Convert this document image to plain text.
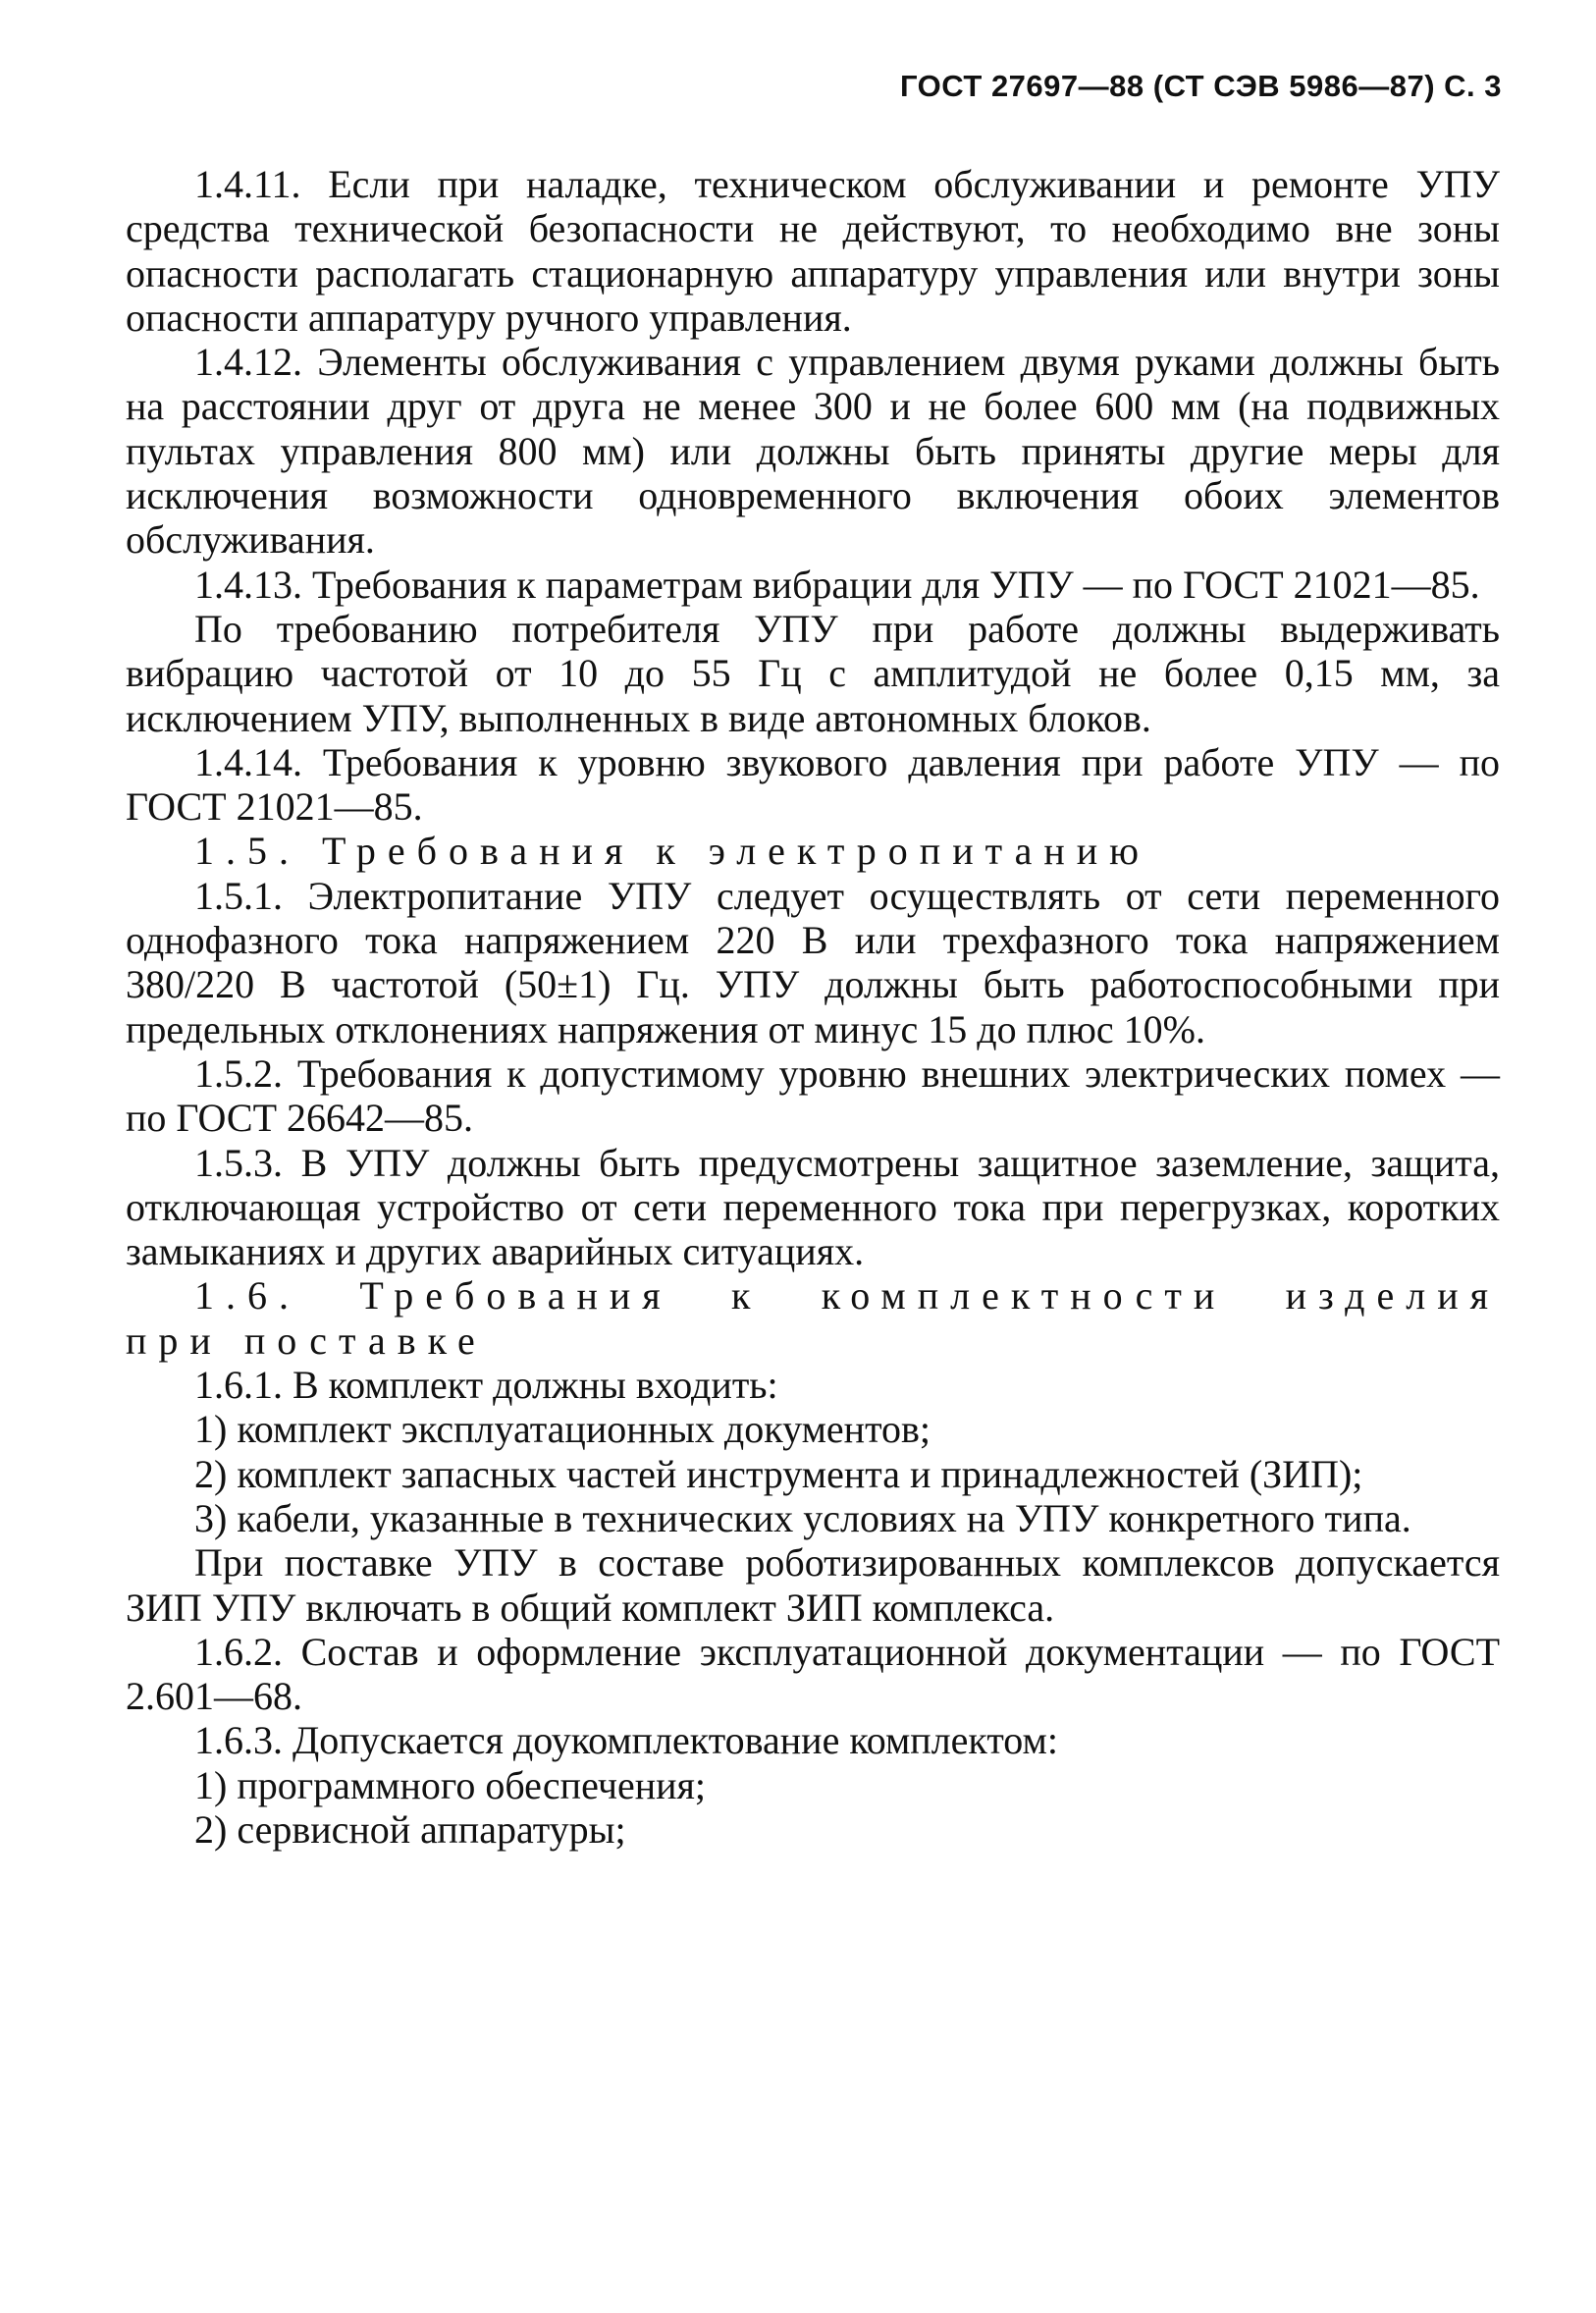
ГОСТ 27697—88 (СТ СЭВ 5986—87) С. 3

1.4.11. Если при наладке, техническом обслуживании и ремонте УПУ средства технической безопасности не действуют, то необходимо вне зоны опасности располагать стационарную аппаратуру управления или внутри зоны опасности аппаратуру ручного управления.

1.4.12. Элементы обслуживания с управлением двумя руками должны быть на расстоянии друг от друга не менее 300 и не более 600 мм (на подвижных пультах управления 800 мм) или должны быть приняты другие меры для исключения возможности одновременного включения обоих элементов обслуживания.

1.4.13. Требования к параметрам вибрации для УПУ — по ГОСТ 21021—85.

По требованию потребителя УПУ при работе должны выдерживать вибрацию частотой от 10 до 55 Гц с амплитудой не более 0,15 мм, за исключением УПУ, выполненных в виде автономных блоков.

1.4.14. Требования к уровню звукового давления при работе УПУ — по ГОСТ 21021—85.

1.5. Требования к электропитанию

1.5.1. Электропитание УПУ следует осуществлять от сети переменного однофазного тока напряжением 220 В или трехфазного тока напряжением 380/220 В частотой (50±1) Гц. УПУ должны быть работоспособными при предельных отклонениях напряжения от минус 15 до плюс 10%.

1.5.2. Требования к допустимому уровню внешних электрических помех — по ГОСТ 26642—85.

1.5.3. В УПУ должны быть предусмотрены защитное заземление, защита, отключающая устройство от сети переменного тока при перегрузках, коротких замыканиях и других аварийных ситуациях.

1.6. Требования к комплектности изделия

при поставке

1.6.1. В комплект должны входить:

1) комплект эксплуатационных документов;

2) комплект запасных частей инструмента и принадлежностей (ЗИП);

3) кабели, указанные в технических условиях на УПУ конкретного типа.

При поставке УПУ в составе роботизированных комплексов допускается ЗИП УПУ включать в общий комплект ЗИП комплекса.

1.6.2. Состав и оформление эксплуатационной документации — по ГОСТ 2.601—68.

1.6.3. Допускается доукомплектование комплектом:

1) программного обеспечения;

2) сервисной аппаратуры;
